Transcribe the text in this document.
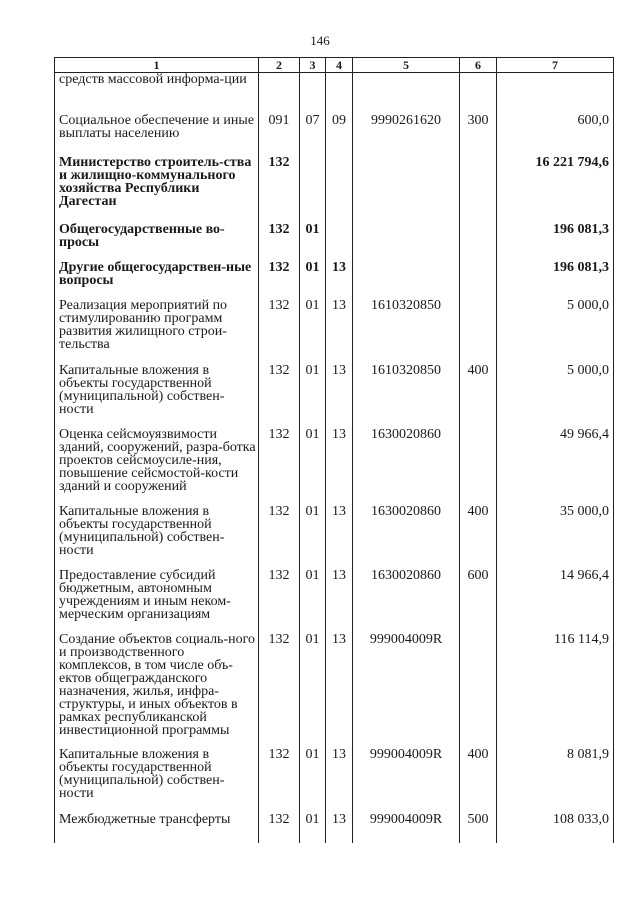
146
1	2	3	4	5	6	7
средств массовой информа-ции						
Социальное обеспечение и иные выплаты населению	091	07	09	9990261620	300	600,0
Министерство строитель-ства и жилищно-коммунального хозяйства Республики Дагестан	132					16 221 794,6
Общегосударственные во-просы	132	01				196 081,3
Другие общегосударствен-ные вопросы	132	01	13			196 081,3
Реализация мероприятий по стимулированию программ развития жилищного строи-тельства	132	01	13	1610320850		5 000,0
Капитальные вложения в объекты государственной (муниципальной) собствен-ности	132	01	13	1610320850	400	5 000,0
Оценка сейсмоуязвимости зданий, сооружений, разра-ботка проектов сейсмоусиле-ния, повышение сейсмостой-кости зданий и сооружений	132	01	13	1630020860		49 966,4
Капитальные вложения в объекты государственной (муниципальной) собствен-ности	132	01	13	1630020860	400	35 000,0
Предоставление субсидий бюджетным, автономным учреждениям и иным неком-мерческим организациям	132	01	13	1630020860	600	14 966,4
Создание объектов социаль-ного и производственного комплексов, в том числе объ-ектов общегражданского назначения, жилья, инфра-структуры, и иных объектов в рамках республиканской инвестиционной программы	132	01	13	999004009R		116 114,9
Капитальные вложения в объекты государственной (муниципальной) собствен-ности	132	01	13	999004009R	400	8 081,9
Межбюджетные трансферты	132	01	13	999004009R	500	108 033,0
